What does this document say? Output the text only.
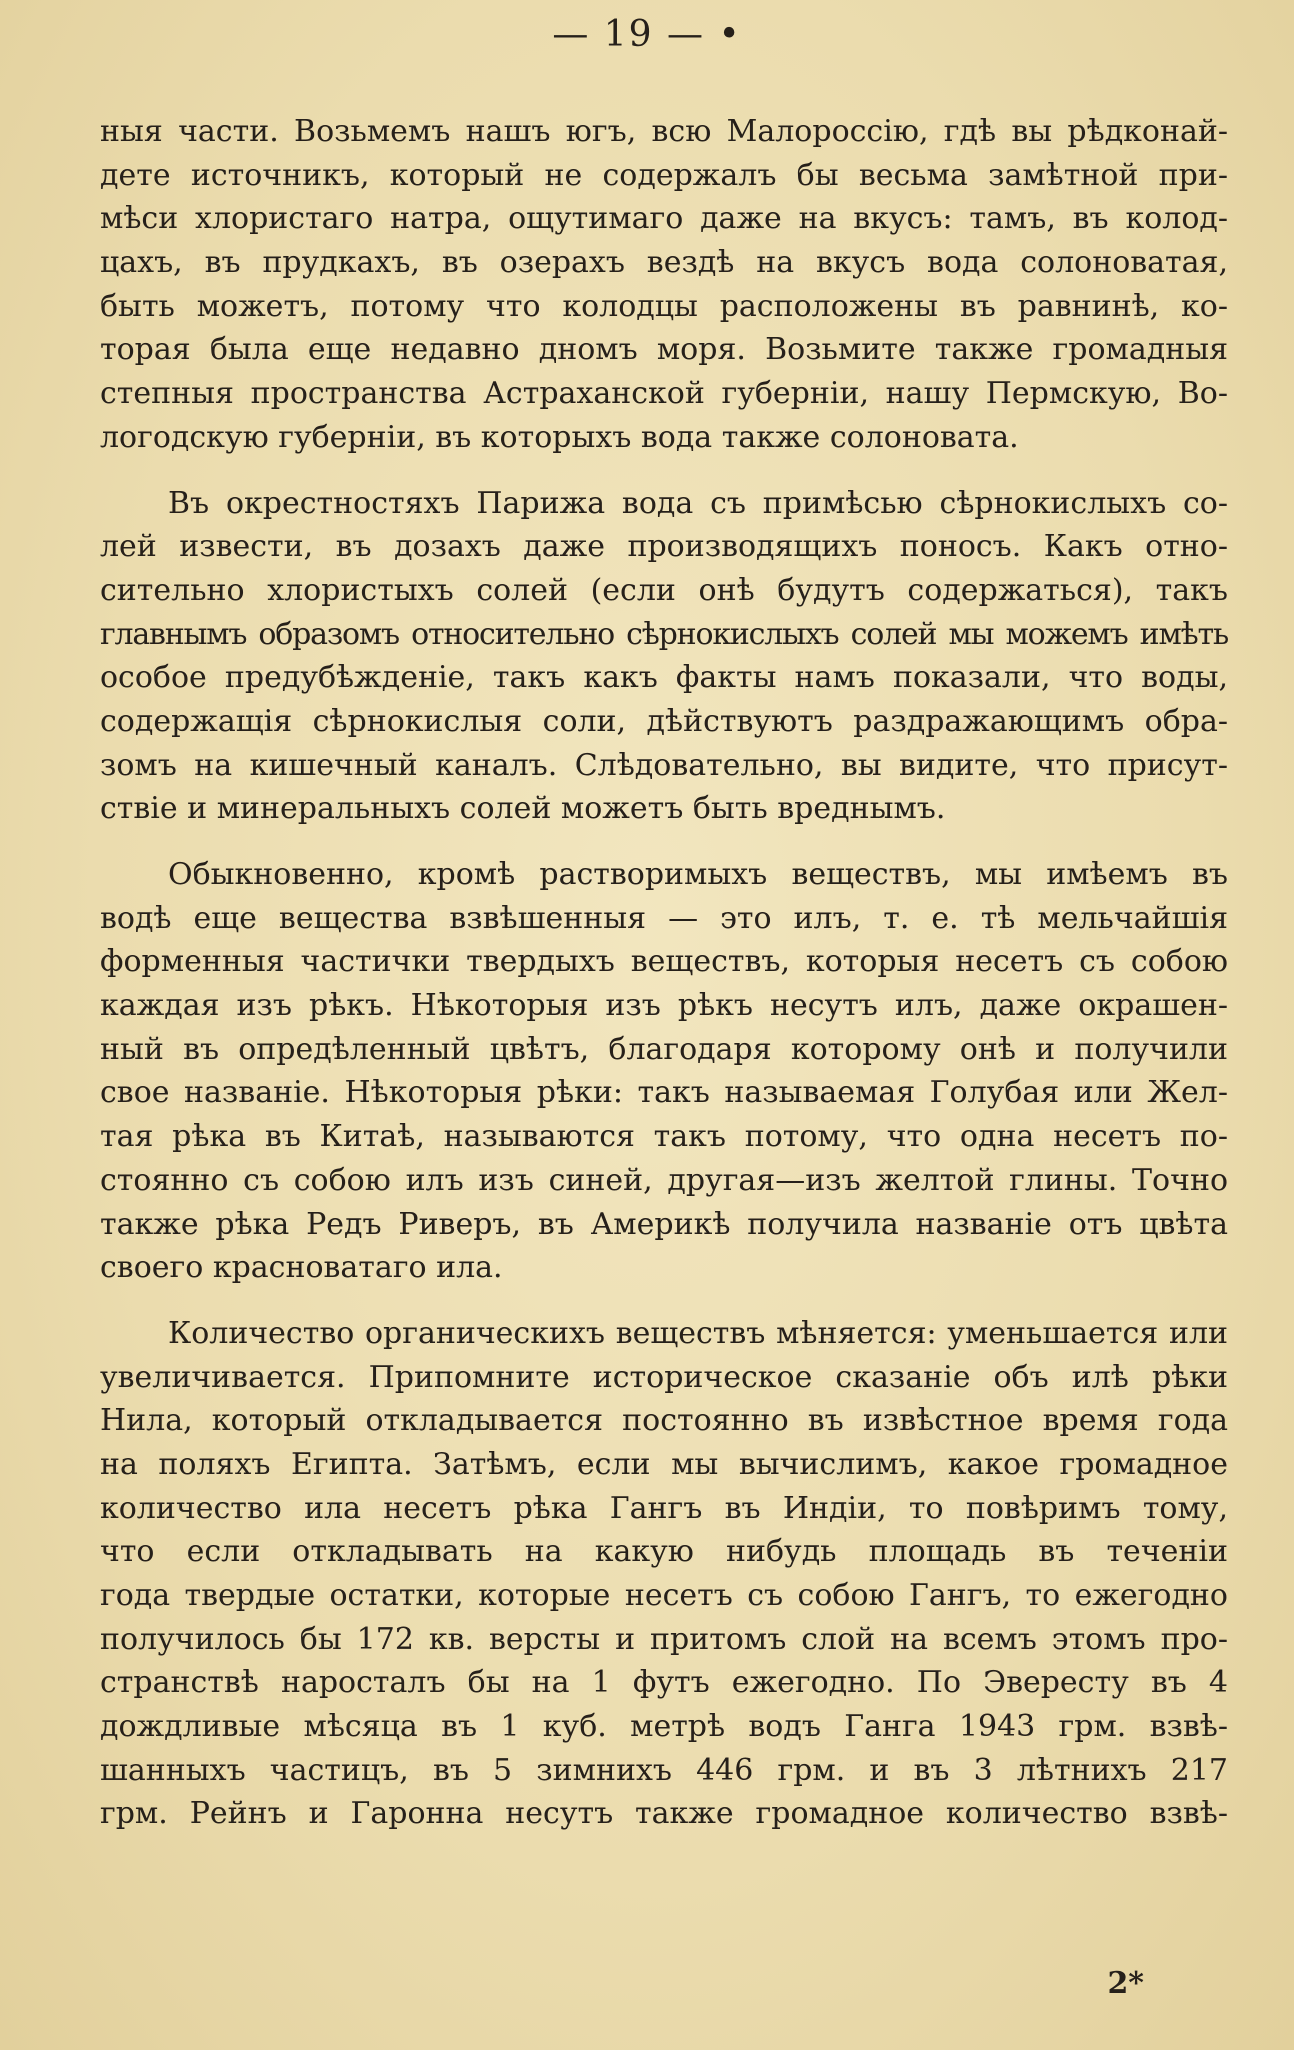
— 19 — •
ныя части. Возьмемъ нашъ югъ, всю Малороссію, гдѣ вы рѣдконай-
дете источникъ, который не содержалъ бы весьма замѣтной при-
мѣси хлористаго натра, ощутимаго даже на вкусъ: тамъ, въ колод-
цахъ, въ прудкахъ, въ озерахъ вездѣ на вкусъ вода солоноватая,
быть можетъ, потому что колодцы расположены въ равнинѣ, ко-
торая была еще недавно дномъ моря. Возьмите также громадныя
степныя пространства Астраханской губерніи, нашу Пермскую, Во-
логодскую губерніи, въ которыхъ вода также солоновата.
Въ окрестностяхъ Парижа вода съ примѣсью сѣрнокислыхъ со-
лей извести, въ дозахъ даже производящихъ поносъ. Какъ отно-
сительно хлористыхъ солей (если онѣ будутъ содержаться), такъ
главнымъ образомъ относительно сѣрнокислыхъ солей мы можемъ имѣть
особое предубѣжденіе, такъ какъ факты намъ показали, что воды,
содержащія сѣрнокислыя соли, дѣйствуютъ раздражающимъ обра-
зомъ на кишечный каналъ. Слѣдовательно, вы видите, что присут-
ствіе и минеральныхъ солей можетъ быть вреднымъ.
Обыкновенно, кромѣ растворимыхъ веществъ, мы имѣемъ въ
водѣ еще вещества взвѣшенныя — это илъ, т. е. тѣ мельчайшія
форменныя частички твердыхъ веществъ, которыя несетъ съ собою
каждая изъ рѣкъ. Нѣкоторыя изъ рѣкъ несутъ илъ, даже окрашен-
ный въ опредѣленный цвѣтъ, благодаря которому онѣ и получили
свое названіе. Нѣкоторыя рѣки: такъ называемая Голубая или Жел-
тая рѣка въ Китаѣ, называются такъ потому, что одна несетъ по-
стоянно съ собою илъ изъ синей, другая—изъ желтой глины. Точно
также рѣка Редъ Риверъ, въ Америкѣ получила названіе отъ цвѣта
своего красноватаго ила.
Количество органическихъ веществъ мѣняется: уменьшается или
увеличивается. Припомните историческое сказаніе объ илѣ рѣки
Нила, который откладывается постоянно въ извѣстное время года
на поляхъ Египта. Затѣмъ, если мы вычислимъ, какое громадное
количество ила несетъ рѣка Гангъ въ Индіи, то повѣримъ тому,
что если откладывать на какую нибудь площадь въ теченіи
года твердые остатки, которые несетъ съ собою Гангъ, то ежегодно
получилось бы 172 кв. версты и притомъ слой на всемъ этомъ про-
странствѣ наросталъ бы на 1 футъ ежегодно. По Эвересту въ 4
дождливые мѣсяца въ 1 куб. метрѣ водъ Ганга 1943 грм. взвѣ-
шанныхъ частицъ, въ 5 зимнихъ 446 грм. и въ 3 лѣтнихъ 217
грм. Рейнъ и Гаронна несутъ также громадное количество взвѣ-
2*
